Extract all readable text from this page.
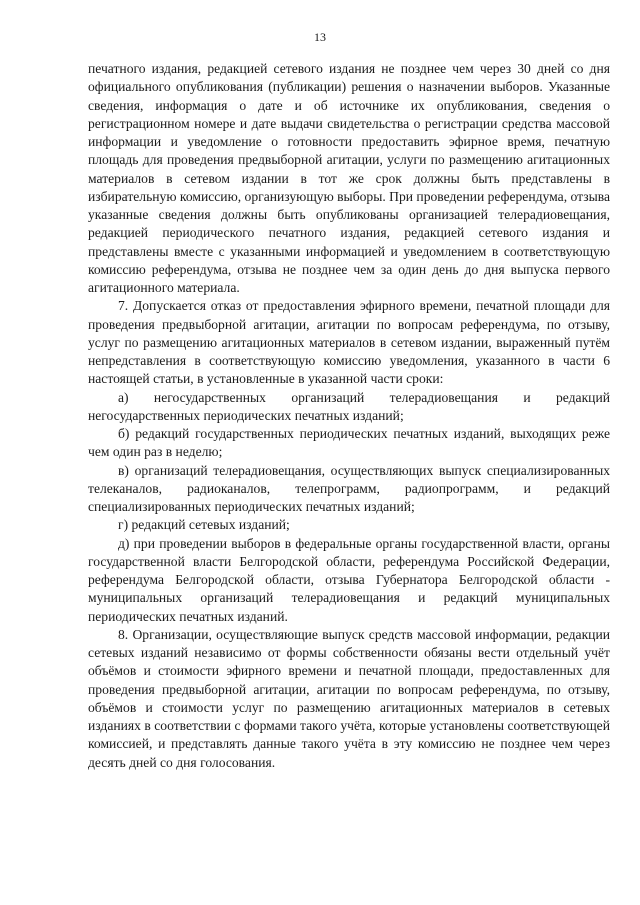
13

печатного издания, редакцией сетевого издания не позднее чем через 30 дней со дня официального опубликования (публикации) решения о назначении выборов. Указанные сведения, информация о дате и об источнике их опубликования, сведения о регистрационном номере и дате выдачи свидетельства о регистрации средства массовой информации и уведомление о готовности предоставить эфирное время, печатную площадь для проведения предвыборной агитации, услуги по размещению агитационных материалов в сетевом издании в тот же срок должны быть представлены в избирательную комиссию, организующую выборы. При проведении референдума, отзыва указанные сведения должны быть опубликованы организацией телерадиовещания, редакцией периодического печатного издания, редакцией сетевого издания и представлены вместе с указанными информацией и уведомлением в соответствующую комиссию референдума, отзыва не позднее чем за один день до дня выпуска первого агитационного материала.

7. Допускается отказ от предоставления эфирного времени, печатной площади для проведения предвыборной агитации, агитации по вопросам референдума, по отзыву, услуг по размещению агитационных материалов в сетевом издании, выраженный путём непредставления в соответствующую комиссию уведомления, указанного в части 6 настоящей статьи, в установленные в указанной части сроки:

а) негосударственных организаций телерадиовещания и редакций негосударственных периодических печатных изданий;

б) редакций государственных периодических печатных изданий, выходящих реже чем один раз в неделю;

в) организаций телерадиовещания, осуществляющих выпуск специализированных телеканалов, радиоканалов, телепрограмм, радиопрограмм, и редакций специализированных периодических печатных изданий;

г) редакций сетевых изданий;

д) при проведении выборов в федеральные органы государственной власти, органы государственной власти Белгородской области, референдума Российской Федерации, референдума Белгородской области, отзыва Губернатора Белгородской области - муниципальных организаций телерадиовещания и редакций муниципальных периодических печатных изданий.

8. Организации, осуществляющие выпуск средств массовой информации, редакции сетевых изданий независимо от формы собственности обязаны вести отдельный учёт объёмов и стоимости эфирного времени и печатной площади, предоставленных для проведения предвыборной агитации, агитации по вопросам референдума, по отзыву, объёмов и стоимости услуг по размещению агитационных материалов в сетевых изданиях в соответствии с формами такого учёта, которые установлены соответствующей комиссией, и представлять данные такого учёта в эту комиссию не позднее чем через десять дней со дня голосования.
